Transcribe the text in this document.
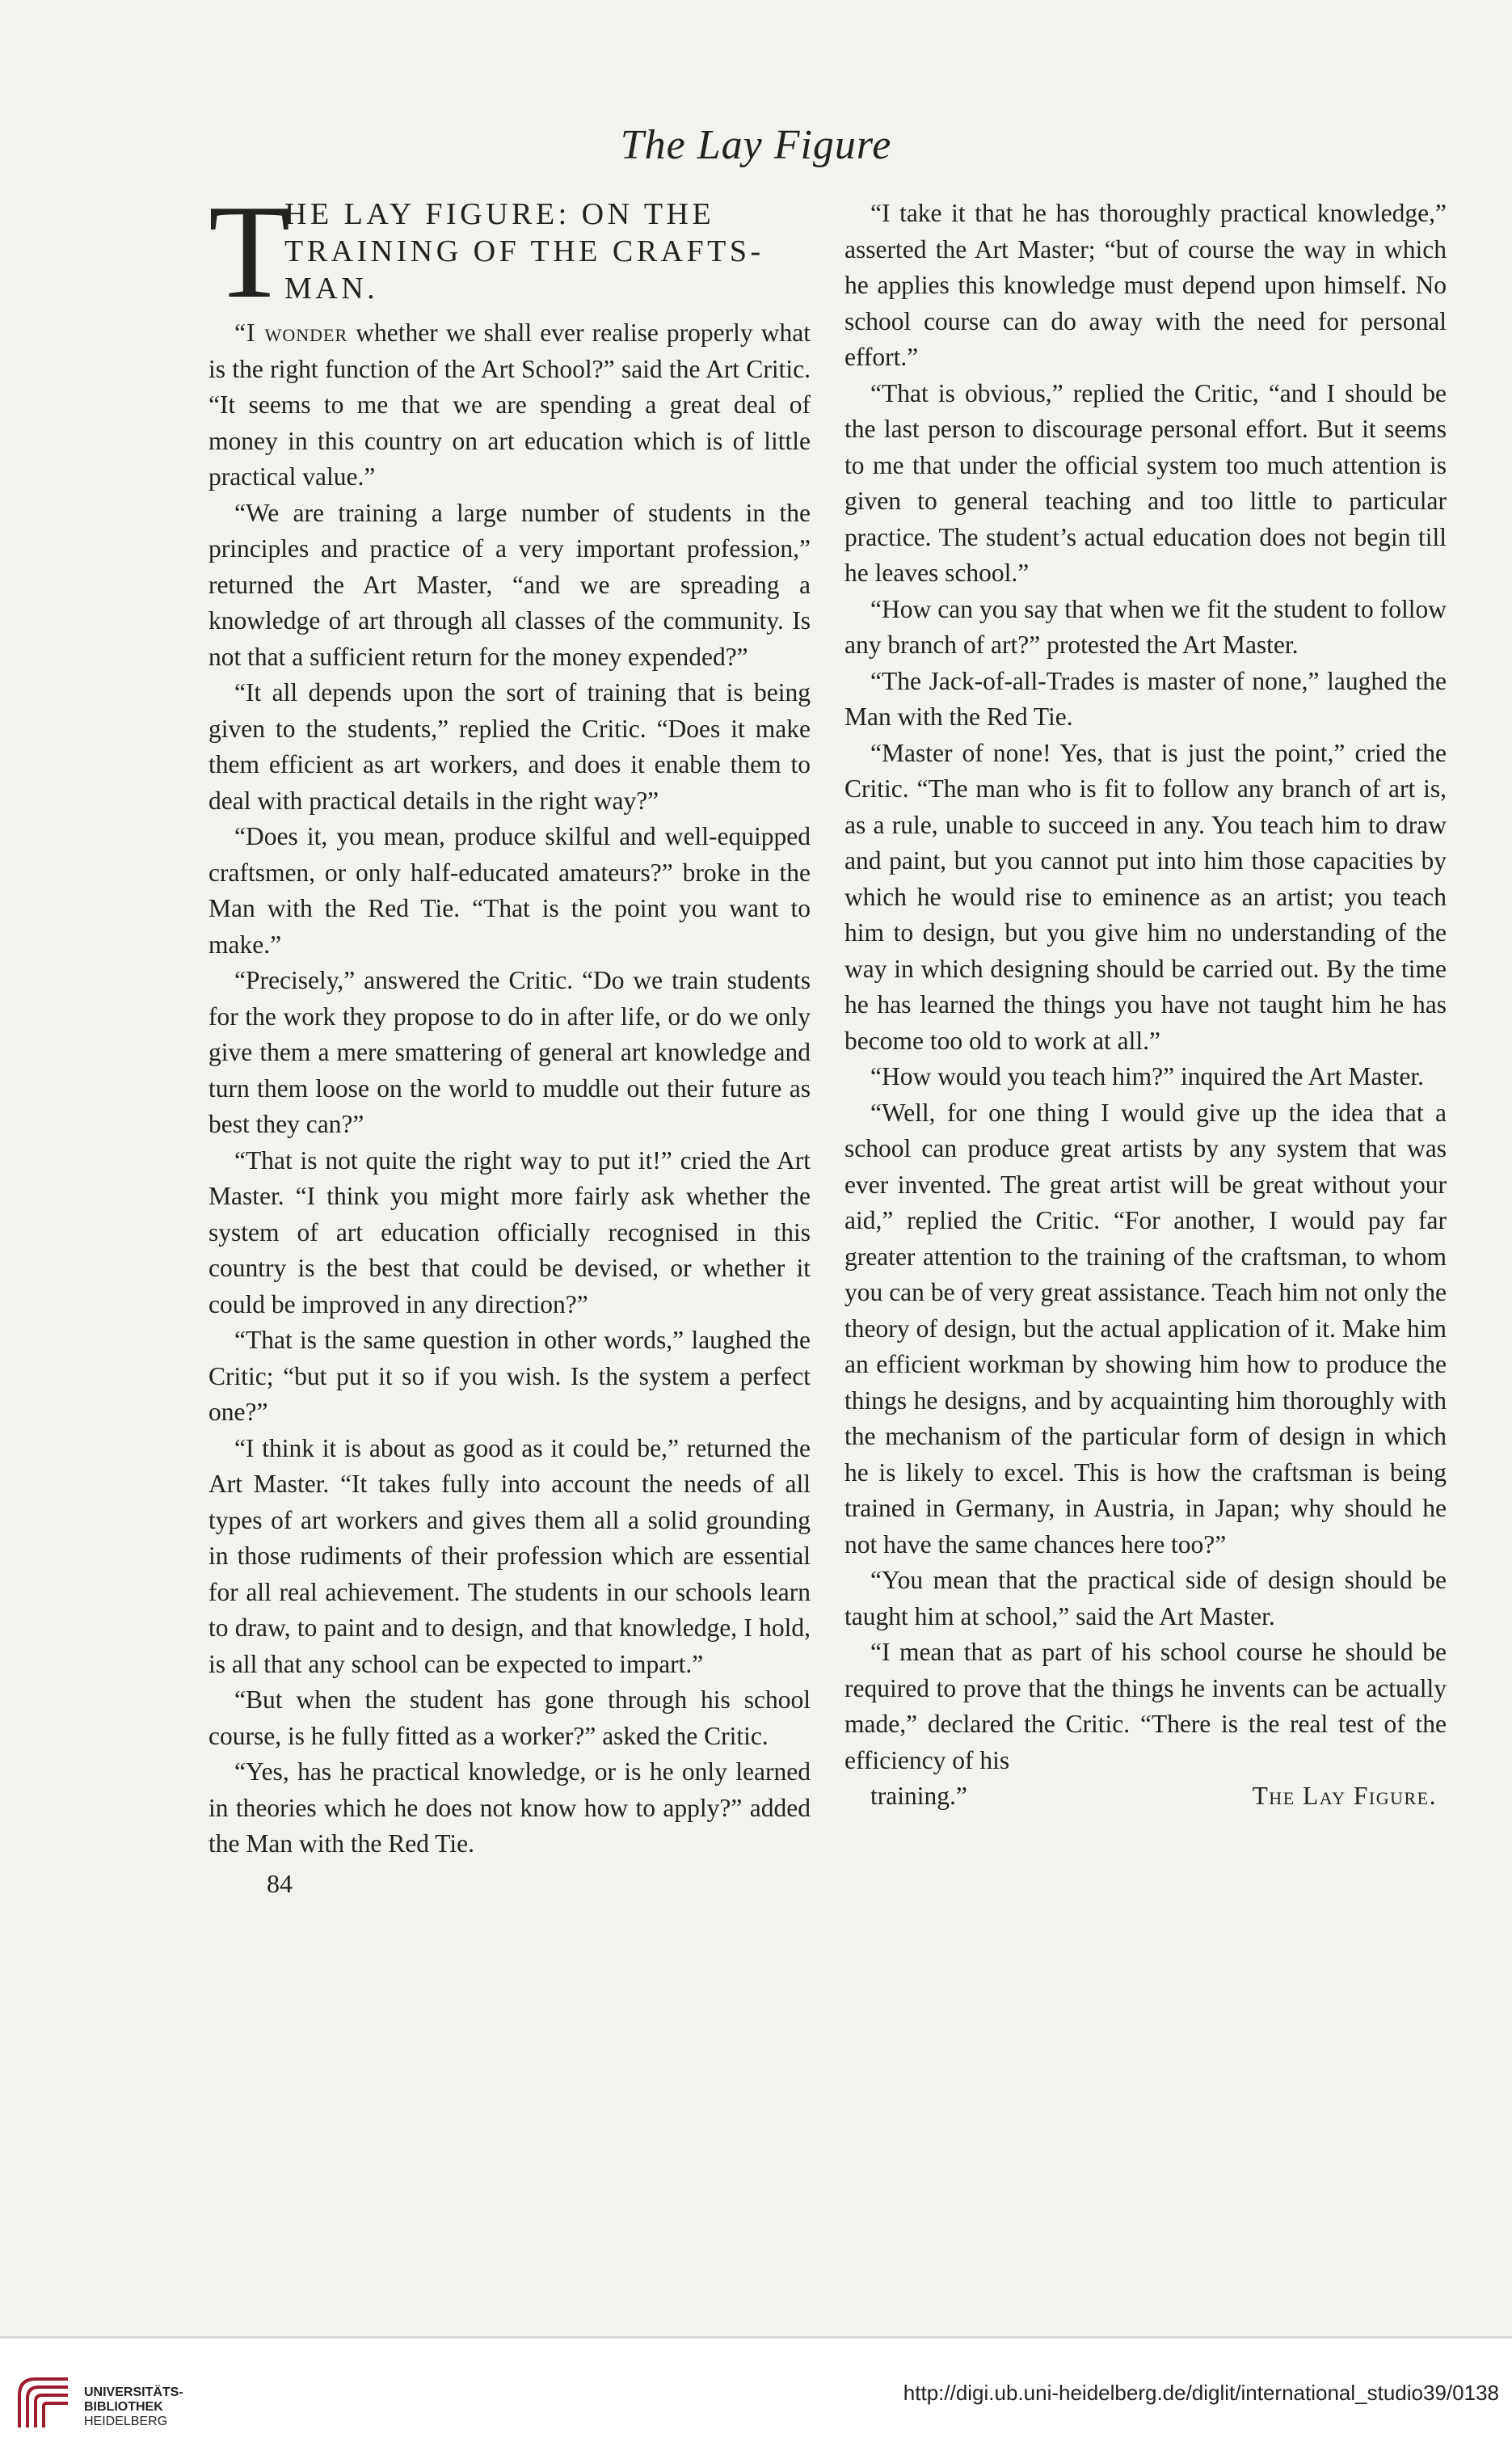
The Lay Figure
T
HE LAY FIGURE: ON THE TRAINING OF THE CRAFTS-MAN.

“I wonder whether we shall ever realise properly what is the right function of the Art School?” said the Art Critic. “It seems to me that we are spending a great deal of money in this country on art education which is of little practical value.”

“We are training a large number of students in the principles and practice of a very important profession,” returned the Art Master, “and we are spreading a knowledge of art through all classes of the community. Is not that a sufficient return for the money expended?”

“It all depends upon the sort of training that is being given to the students,” replied the Critic. “Does it make them efficient as art workers, and does it enable them to deal with practical details in the right way?”

“Does it, you mean, produce skilful and well-equipped craftsmen, or only half-educated amateurs?” broke in the Man with the Red Tie. “That is the point you want to make.”

“Precisely,” answered the Critic. “Do we train students for the work they propose to do in after life, or do we only give them a mere smattering of general art knowledge and turn them loose on the world to muddle out their future as best they can?”

“That is not quite the right way to put it!” cried the Art Master. “I think you might more fairly ask whether the system of art education officially recognised in this country is the best that could be devised, or whether it could be improved in any direction?”

“That is the same question in other words,” laughed the Critic; “but put it so if you wish. Is the system a perfect one?”

“I think it is about as good as it could be,” returned the Art Master. “It takes fully into account the needs of all types of art workers and gives them all a solid grounding in those rudiments of their profession which are essential for all real achievement. The students in our schools learn to draw, to paint and to design, and that knowledge, I hold, is all that any school can be expected to impart.”

“But when the student has gone through his school course, is he fully fitted as a worker?” asked the Critic.

“Yes, has he practical knowledge, or is he only learned in theories which he does not know how to apply?” added the Man with the Red Tie.

84

“I take it that he has thoroughly practical knowledge,” asserted the Art Master; “but of course the way in which he applies this knowledge must depend upon himself. No school course can do away with the need for personal effort.”

“That is obvious,” replied the Critic, “and I should be the last person to discourage personal effort. But it seems to me that under the official system too much attention is given to general teaching and too little to particular practice. The student’s actual education does not begin till he leaves school.”

“How can you say that when we fit the student to follow any branch of art?” protested the Art Master.

“The Jack-of-all-Trades is master of none,” laughed the Man with the Red Tie.

“Master of none! Yes, that is just the point,” cried the Critic. “The man who is fit to follow any branch of art is, as a rule, unable to succeed in any. You teach him to draw and paint, but you cannot put into him those capacities by which he would rise to eminence as an artist; you teach him to design, but you give him no understanding of the way in which designing should be carried out. By the time he has learned the things you have not taught him he has become too old to work at all.”

“How would you teach him?” inquired the Art Master.

“Well, for one thing I would give up the idea that a school can produce great artists by any system that was ever invented. The great artist will be great without your aid,” replied the Critic. “For another, I would pay far greater attention to the training of the craftsman, to whom you can be of very great assistance. Teach him not only the theory of design, but the actual application of it. Make him an efficient workman by showing him how to produce the things he designs, and by acquainting him thoroughly with the mechanism of the particular form of design in which he is likely to excel. This is how the craftsman is being trained in Germany, in Austria, in Japan; why should he not have the same chances here too?”

“You mean that the practical side of design should be taught him at school,” said the Art Master.

“I mean that as part of his school course he should be required to prove that the things he invents can be actually made,” declared the Critic. “There is the real test of the efficiency of his

training.”	The Lay Figure.

UNIVERSITÄTS-
BIBLIOTHEK
HEIDELBERG
http://digi.ub.uni-heidelberg.de/diglit/international_studio39/0138
